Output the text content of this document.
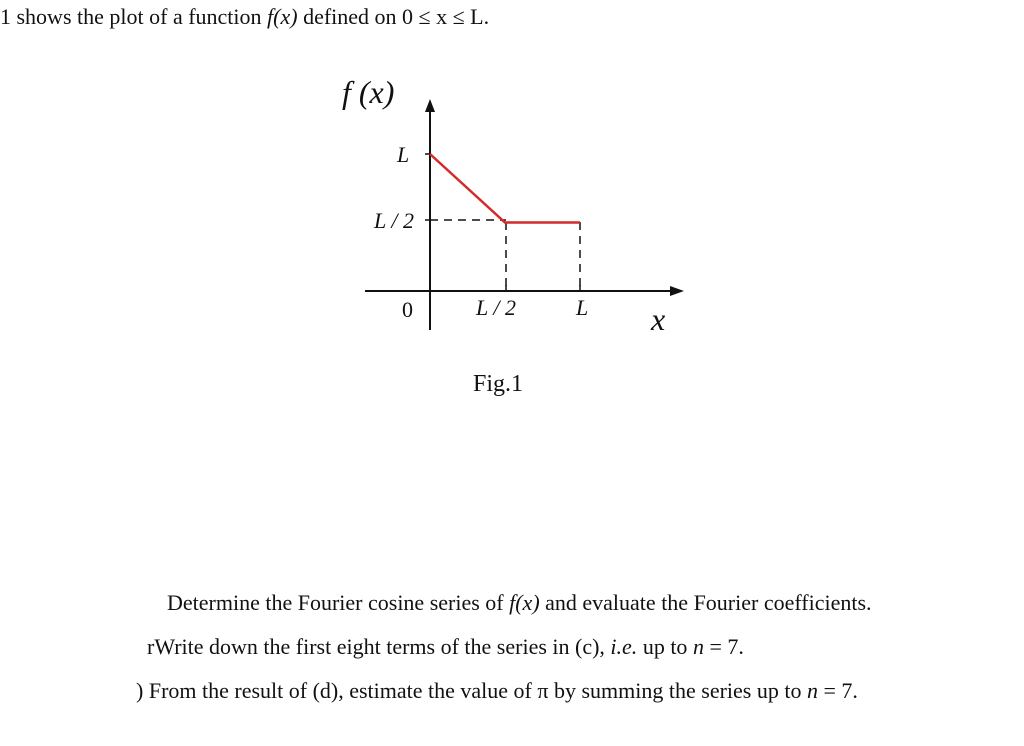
1 shows the plot of a function f(x) defined on 0 ≤ x ≤ L.
f (x)
x
L
L / 2
0	L / 2	L
Fig.1
Determine the Fourier cosine series of f(x) and evaluate the Fourier coefficients.
rWrite down the first eight terms of the series in (c), i.e. up to n = 7.
) From the result of (d), estimate the value of π by summing the series up to n = 7.
